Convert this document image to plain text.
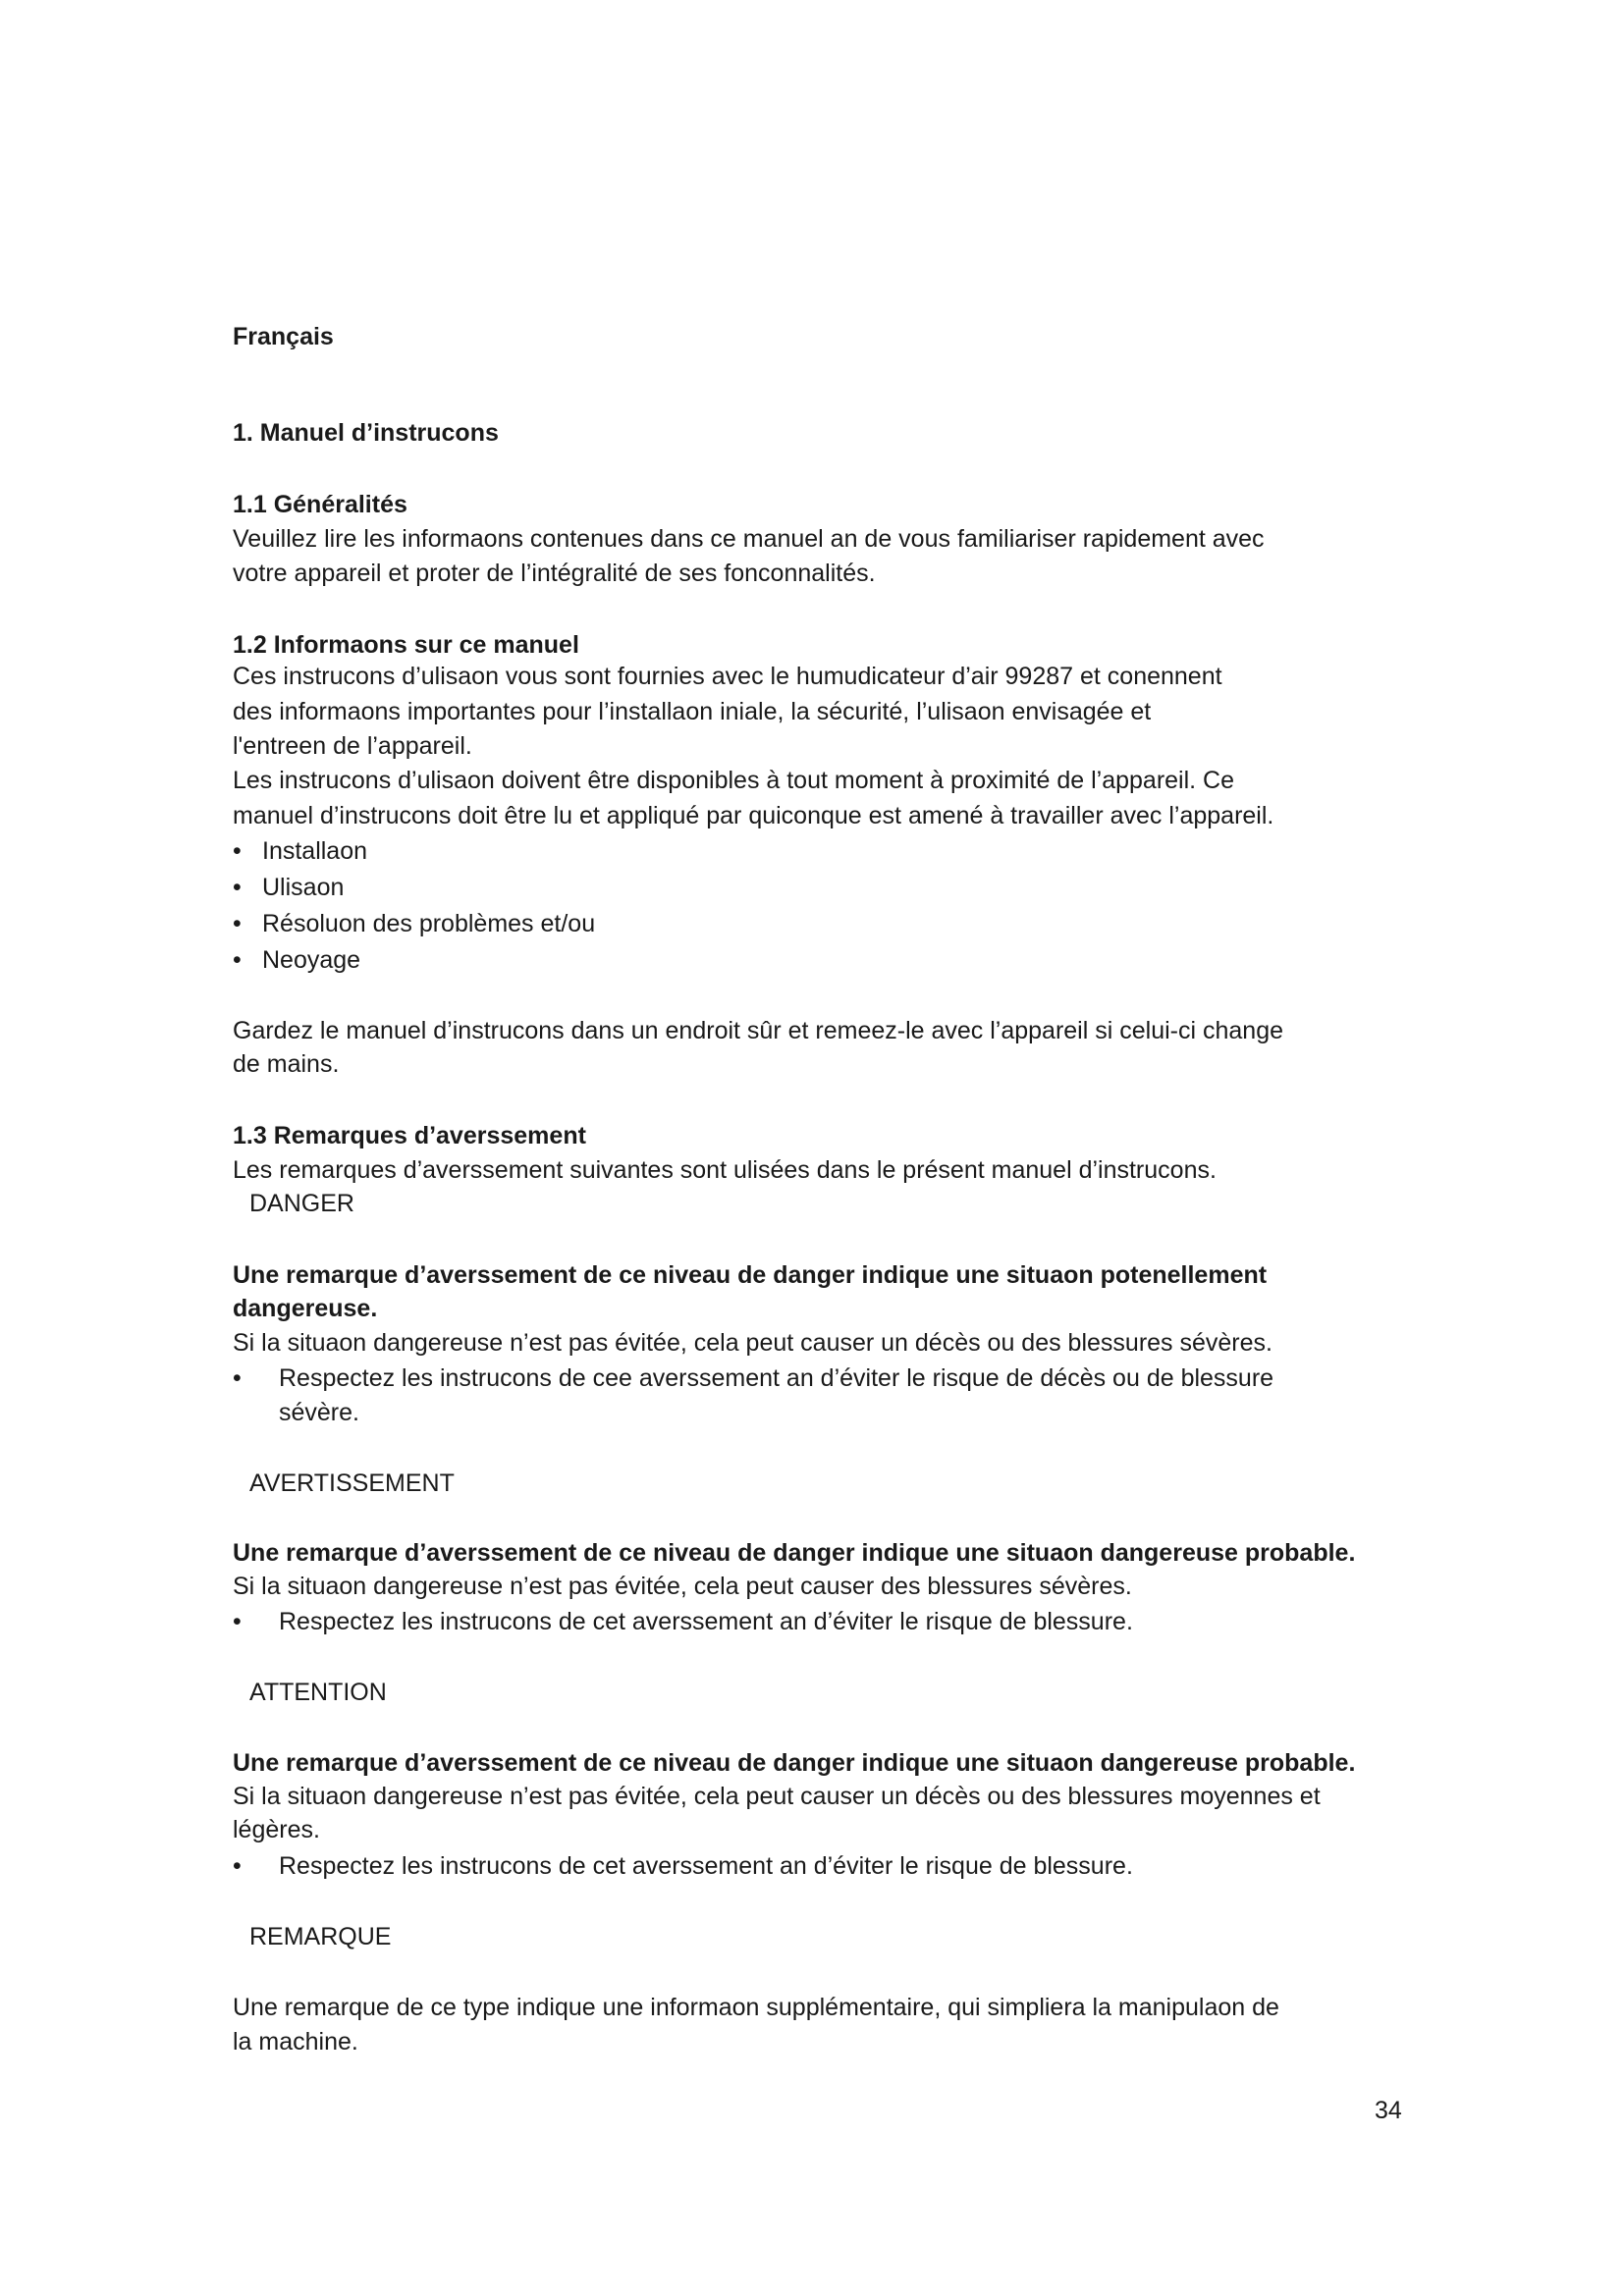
Français
1. Manuel d’instrucons
1.1 Généralités
Veuillez lire les informaons contenues dans ce manuel an de vous familiariser rapidement avec
votre appareil et proter de l’intégralité de ses fonconnalités.
1.2 Informaons sur ce manuel
Ces instrucons d’ulisaon vous sont fournies avec le humudicateur d’air 99287 et conennent
des informaons importantes pour l’installaon iniale, la sécurité, l’ulisaon envisagée et
l'entreen de l’appareil.
Les instrucons d’ulisaon doivent être disponibles à tout moment à proximité de l’appareil. Ce
manuel d’instrucons doit être lu et appliqué par quiconque est amené à travailler avec l’appareil.
• Installaon
• Ulisaon
• Résoluon des problèmes et/ou
• Neoyage
Gardez le manuel d’instrucons dans un endroit sûr et remeez-le avec l’appareil si celui-ci change
de mains.
1.3 Remarques d’averssement
Les remarques d’averssement suivantes sont ulisées dans le présent manuel d’instrucons.
DANGER
Une remarque d’averssement de ce niveau de danger indique une situaon potenellement
dangereuse.
Si la situaon dangereuse n’est pas évitée, cela peut causer un décès ou des blessures sévères.
• Respectez les instrucons de cee averssement an d’éviter le risque de décès ou de blessure
sévère.
AVERTISSEMENT
Une remarque d’averssement de ce niveau de danger indique une situaon dangereuse probable.
Si la situaon dangereuse n’est pas évitée, cela peut causer des blessures sévères.
• Respectez les instrucons de cet averssement an d’éviter le risque de blessure.
ATTENTION
Une remarque d’averssement de ce niveau de danger indique une situaon dangereuse probable.
Si la situaon dangereuse n’est pas évitée, cela peut causer un décès ou des blessures moyennes et
légères.
• Respectez les instrucons de cet averssement an d’éviter le risque de blessure.
REMARQUE
Une remarque de ce type indique une informaon supplémentaire, qui simpliera la manipulaon de
la machine.
34
